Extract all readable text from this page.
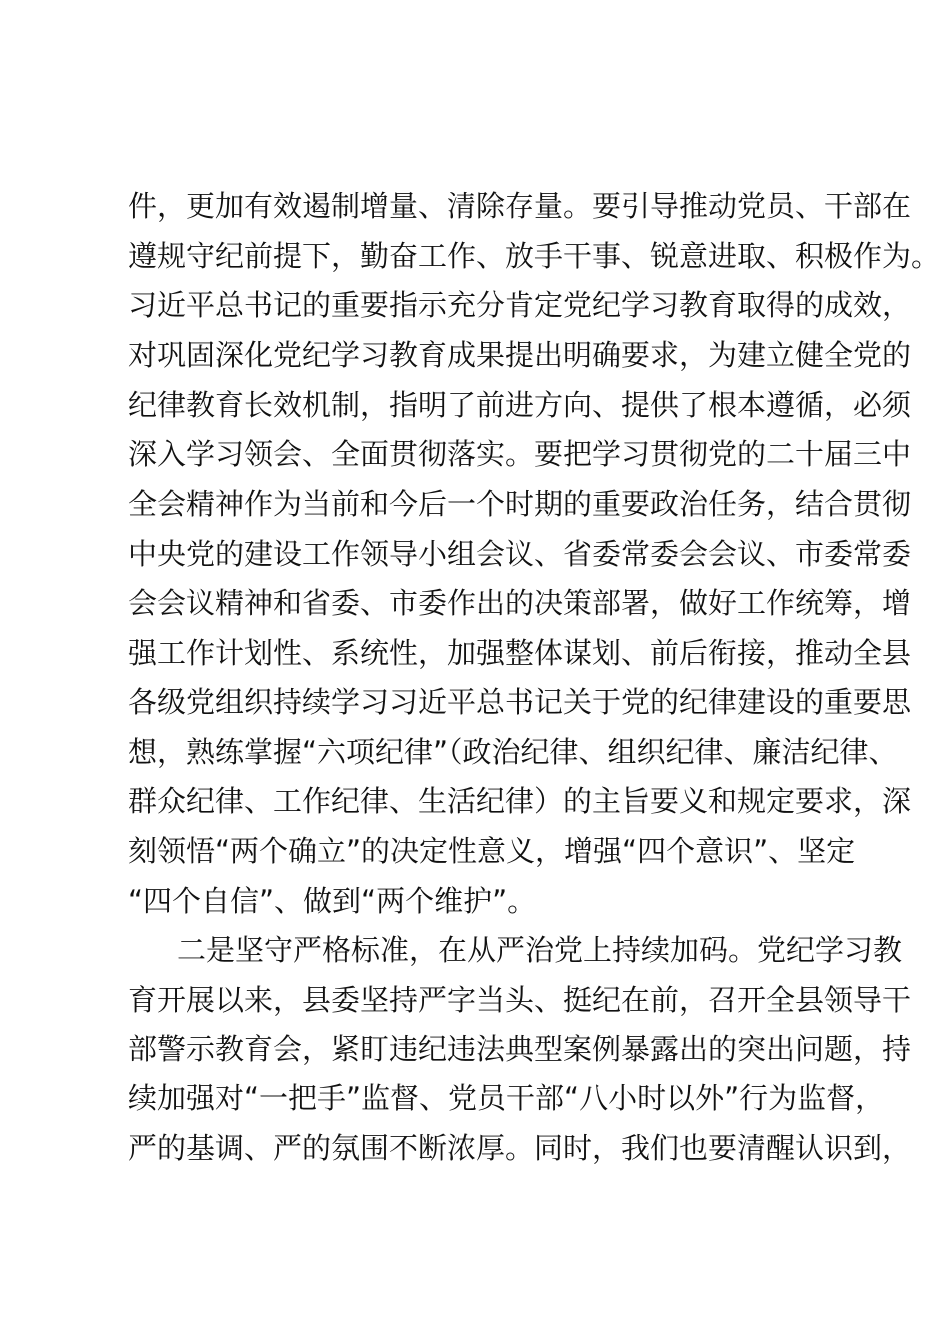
件，更加有效遏制增量、清除存量。要引导推动党员、干部在
遵规守纪前提下，勤奋工作、放手干事、锐意进取、积极作为。
习近平总书记的重要指示充分肯定党纪学习教育取得的成效，
对巩固深化党纪学习教育成果提出明确要求，为建立健全党的
纪律教育长效机制，指明了前进方向、提供了根本遵循，必须
深入学习领会、全面贯彻落实。要把学习贯彻党的二十届三中
全会精神作为当前和今后一个时期的重要政治任务，结合贯彻
中央党的建设工作领导小组会议、省委常委会会议、市委常委
会会议精神和省委、市委作出的决策部署，做好工作统筹，增
强工作计划性、系统性，加强整体谋划、前后衔接，推动全县
各级党组织持续学习习近平总书记关于党的纪律建设的重要思
想，熟练掌握“六项纪律”（政治纪律、组织纪律、廉洁纪律、
群众纪律、工作纪律、生活纪律）的主旨要义和规定要求，深
刻领悟“两个确立”的决定性意义，增强“四个意识”、坚定
“四个自信”、做到“两个维护”。
二是坚守严格标准，在从严治党上持续加码。党纪学习教
育开展以来，县委坚持严字当头、挺纪在前，召开全县领导干
部警示教育会，紧盯违纪违法典型案例暴露出的突出问题，持
续加强对“一把手”监督、党员干部“八小时以外”行为监督，
严的基调、严的氛围不断浓厚。同时，我们也要清醒认识到，
